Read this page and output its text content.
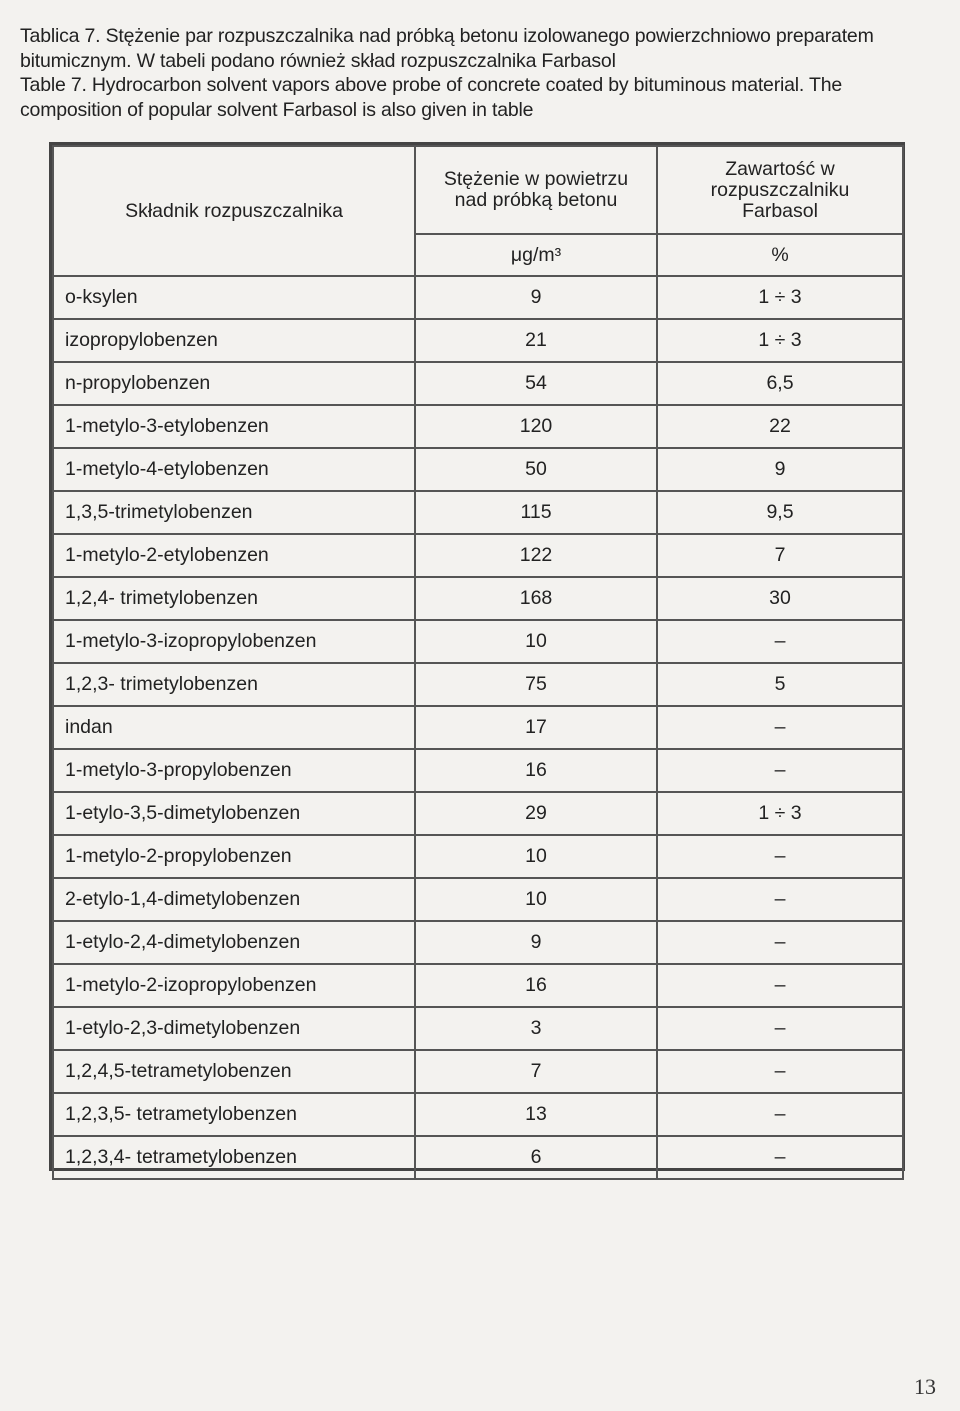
Tablica 7. Stężenie par rozpuszczalnika nad próbką betonu izolowanego powierzchniowo preparatem bitumicznym. W tabeli podano również skład rozpuszczalnika Farbasol

Table 7. Hydrocarbon solvent vapors above probe of concrete coated by bituminous material. The composition of popular solvent Farbasol is also given in table

Składnik rozpuszczalnika	Stężenie w powietrzu nad próbką betonu	Zawartość w rozpuszczalniku Farbasol

	μg/m³	%
o-ksylen	9	1 ÷ 3
izopropylobenzen	21	1 ÷ 3
n-propylobenzen	54	6,5
1-metylo-3-etylobenzen	120	22
1-metylo-4-etylobenzen	50	9
1,3,5-trimetylobenzen	115	9,5
1-metylo-2-etylobenzen	122	7
1,2,4- trimetylobenzen	168	30
1-metylo-3-izopropylobenzen	10	–
1,2,3- trimetylobenzen	75	5
indan	17	–
1-metylo-3-propylobenzen	16	–
1-etylo-3,5-dimetylobenzen	29	1 ÷ 3
1-metylo-2-propylobenzen	10	–
2-etylo-1,4-dimetylobenzen	10	–
1-etylo-2,4-dimetylobenzen	9	–
1-metylo-2-izopropylobenzen	16	–
1-etylo-2,3-dimetylobenzen	3	–
1,2,4,5-tetrametylobenzen	7	–
1,2,3,5- tetrametylobenzen	13	–
1,2,3,4- tetrametylobenzen	6	–
13
